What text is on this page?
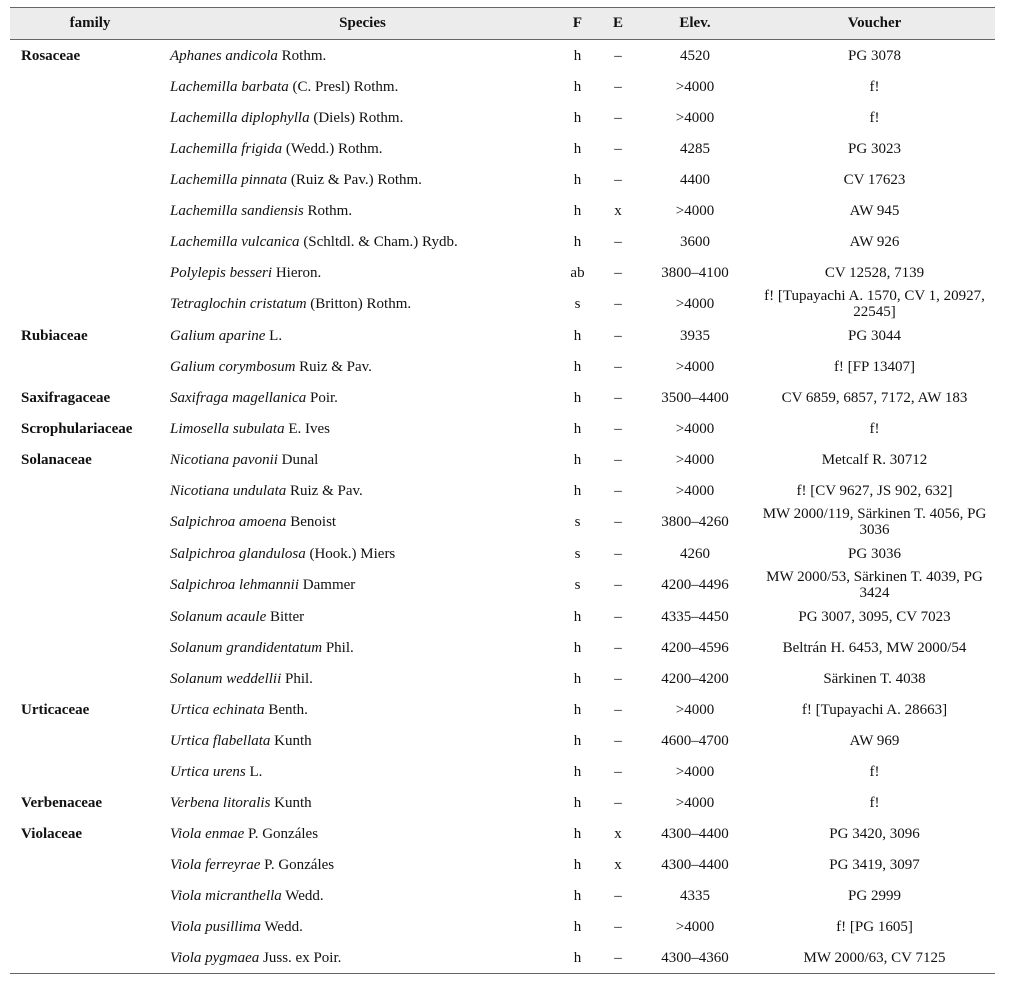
family	Species	F	E	Elev.	Voucher
Rosaceae	Aphanes andicola Rothm.	h	–	4520	PG 3078
	Lachemilla barbata (C. Presl) Rothm.	h	–	>4000	f!
	Lachemilla diplophylla (Diels) Rothm.	h	–	>4000	f!
	Lachemilla frigida (Wedd.) Rothm.	h	–	4285	PG 3023
	Lachemilla pinnata (Ruiz & Pav.) Rothm.	h	–	4400	CV 17623
	Lachemilla sandiensis Rothm.	h	x	>4000	AW 945
	Lachemilla vulcanica (Schltdl. & Cham.) Rydb.	h	–	3600	AW 926
	Polylepis besseri Hieron.	ab	–	3800–4100	CV 12528, 7139
	Tetraglochin cristatum (Britton) Rothm.	s	–	>4000	f! [Tupayachi A. 1570, CV 1, 20927, 22545]
Rubiaceae	Galium aparine L.	h	–	3935	PG 3044
	Galium corymbosum Ruiz & Pav.	h	–	>4000	f! [FP 13407]
Saxifragaceae	Saxifraga magellanica Poir.	h	–	3500–4400	CV 6859, 6857, 7172, AW 183
Scrophulariaceae	Limosella subulata E. Ives	h	–	>4000	f!
Solanaceae	Nicotiana pavonii Dunal	h	–	>4000	Metcalf R. 30712
	Nicotiana undulata Ruiz & Pav.	h	–	>4000	f! [CV 9627, JS 902, 632]
	Salpichroa amoena Benoist	s	–	3800–4260	MW 2000/119, Särkinen T. 4056, PG 3036
	Salpichroa glandulosa (Hook.) Miers	s	–	4260	PG 3036
	Salpichroa lehmannii Dammer	s	–	4200–4496	MW 2000/53, Särkinen T. 4039, PG 3424
	Solanum acaule Bitter	h	–	4335–4450	PG 3007, 3095, CV 7023
	Solanum grandidentatum Phil.	h	–	4200–4596	Beltrán H. 6453, MW 2000/54
	Solanum weddellii Phil.	h	–	4200–4200	Särkinen T. 4038
Urticaceae	Urtica echinata Benth.	h	–	>4000	f! [Tupayachi A. 28663]
	Urtica flabellata Kunth	h	–	4600–4700	AW 969
	Urtica urens L.	h	–	>4000	f!
Verbenaceae	Verbena litoralis Kunth	h	–	>4000	f!
Violaceae	Viola enmae P. Gonzáles	h	x	4300–4400	PG 3420, 3096
	Viola ferreyrae P. Gonzáles	h	x	4300–4400	PG 3419, 3097
	Viola micranthella Wedd.	h	–	4335	PG 2999
	Viola pusillima Wedd.	h	–	>4000	f! [PG 1605]
	Viola pygmaea Juss. ex Poir.	h	–	4300–4360	MW 2000/63, CV 7125
